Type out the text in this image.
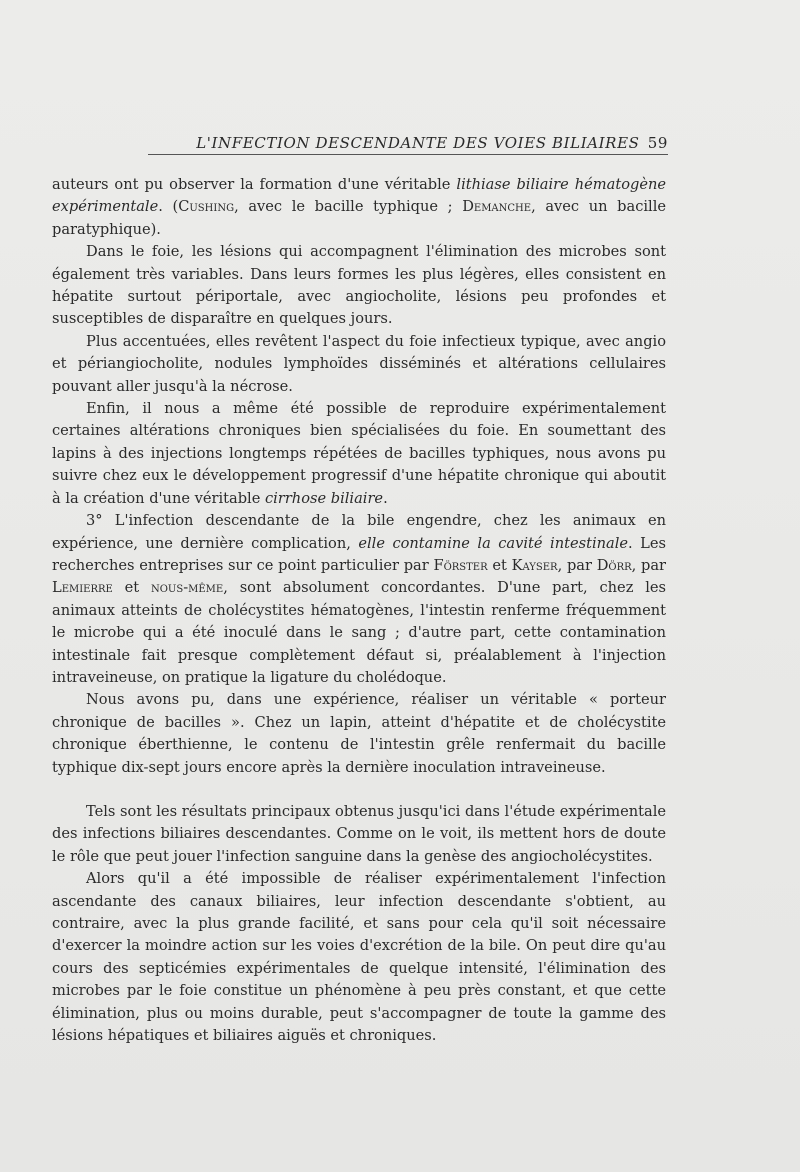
L'INFECTION DESCENDANTE DES VOIES BILIAIRES 59

auteurs ont pu observer la formation d'une véritable lithiase biliaire hématogène expérimentale. (Cushing, avec le bacille typhique ; Demanche, avec un bacille paratyphique).

Dans le foie, les lésions qui accompagnent l'élimination des microbes sont également très variables. Dans leurs formes les plus légères, elles consistent en hépatite surtout périportale, avec angiocholite, lésions peu profondes et susceptibles de disparaître en quelques jours.

Plus accentuées, elles revêtent l'aspect du foie infectieux typique, avec angio et périangiocholite, nodules lymphoïdes disséminés et altérations cellulaires pouvant aller jusqu'à la nécrose.

Enfin, il nous a même été possible de reproduire expérimentalement certaines altérations chroniques bien spécialisées du foie. En soumettant des lapins à des injections longtemps répétées de bacilles typhiques, nous avons pu suivre chez eux le développement progressif d'une hépatite chronique qui aboutit à la création d'une véritable cirrhose biliaire.

3° L'infection descendante de la bile engendre, chez les animaux en expérience, une dernière complication, elle contamine la cavité intestinale. Les recherches entreprises sur ce point particulier par Förster et Kayser, par Dörr, par Lemierre et nous-même, sont absolument concordantes. D'une part, chez les animaux atteints de cholécystites hématogènes, l'intestin renferme fréquemment le microbe qui a été inoculé dans le sang ; d'autre part, cette contamination intestinale fait presque complètement défaut si, préalablement à l'injection intraveineuse, on pratique la ligature du cholédoque.

Nous avons pu, dans une expérience, réaliser un véritable « porteur chronique de bacilles ». Chez un lapin, atteint d'hépatite et de cholécystite chronique éberthienne, le contenu de l'intestin grêle renfermait du bacille typhique dix-sept jours encore après la dernière inoculation intraveineuse.

Tels sont les résultats principaux obtenus jusqu'ici dans l'étude expérimentale des infections biliaires descendantes. Comme on le voit, ils mettent hors de doute le rôle que peut jouer l'infection sanguine dans la genèse des angiocholécystites.

Alors qu'il a été impossible de réaliser expérimentalement l'infection ascendante des canaux biliaires, leur infection descendante s'obtient, au contraire, avec la plus grande facilité, et sans pour cela qu'il soit nécessaire d'exercer la moindre action sur les voies d'excrétion de la bile. On peut dire qu'au cours des septicémies expérimentales de quelque intensité, l'élimination des microbes par le foie constitue un phénomène à peu près constant, et que cette élimination, plus ou moins durable, peut s'accompagner de toute la gamme des lésions hépatiques et biliaires aiguës et chroniques.
